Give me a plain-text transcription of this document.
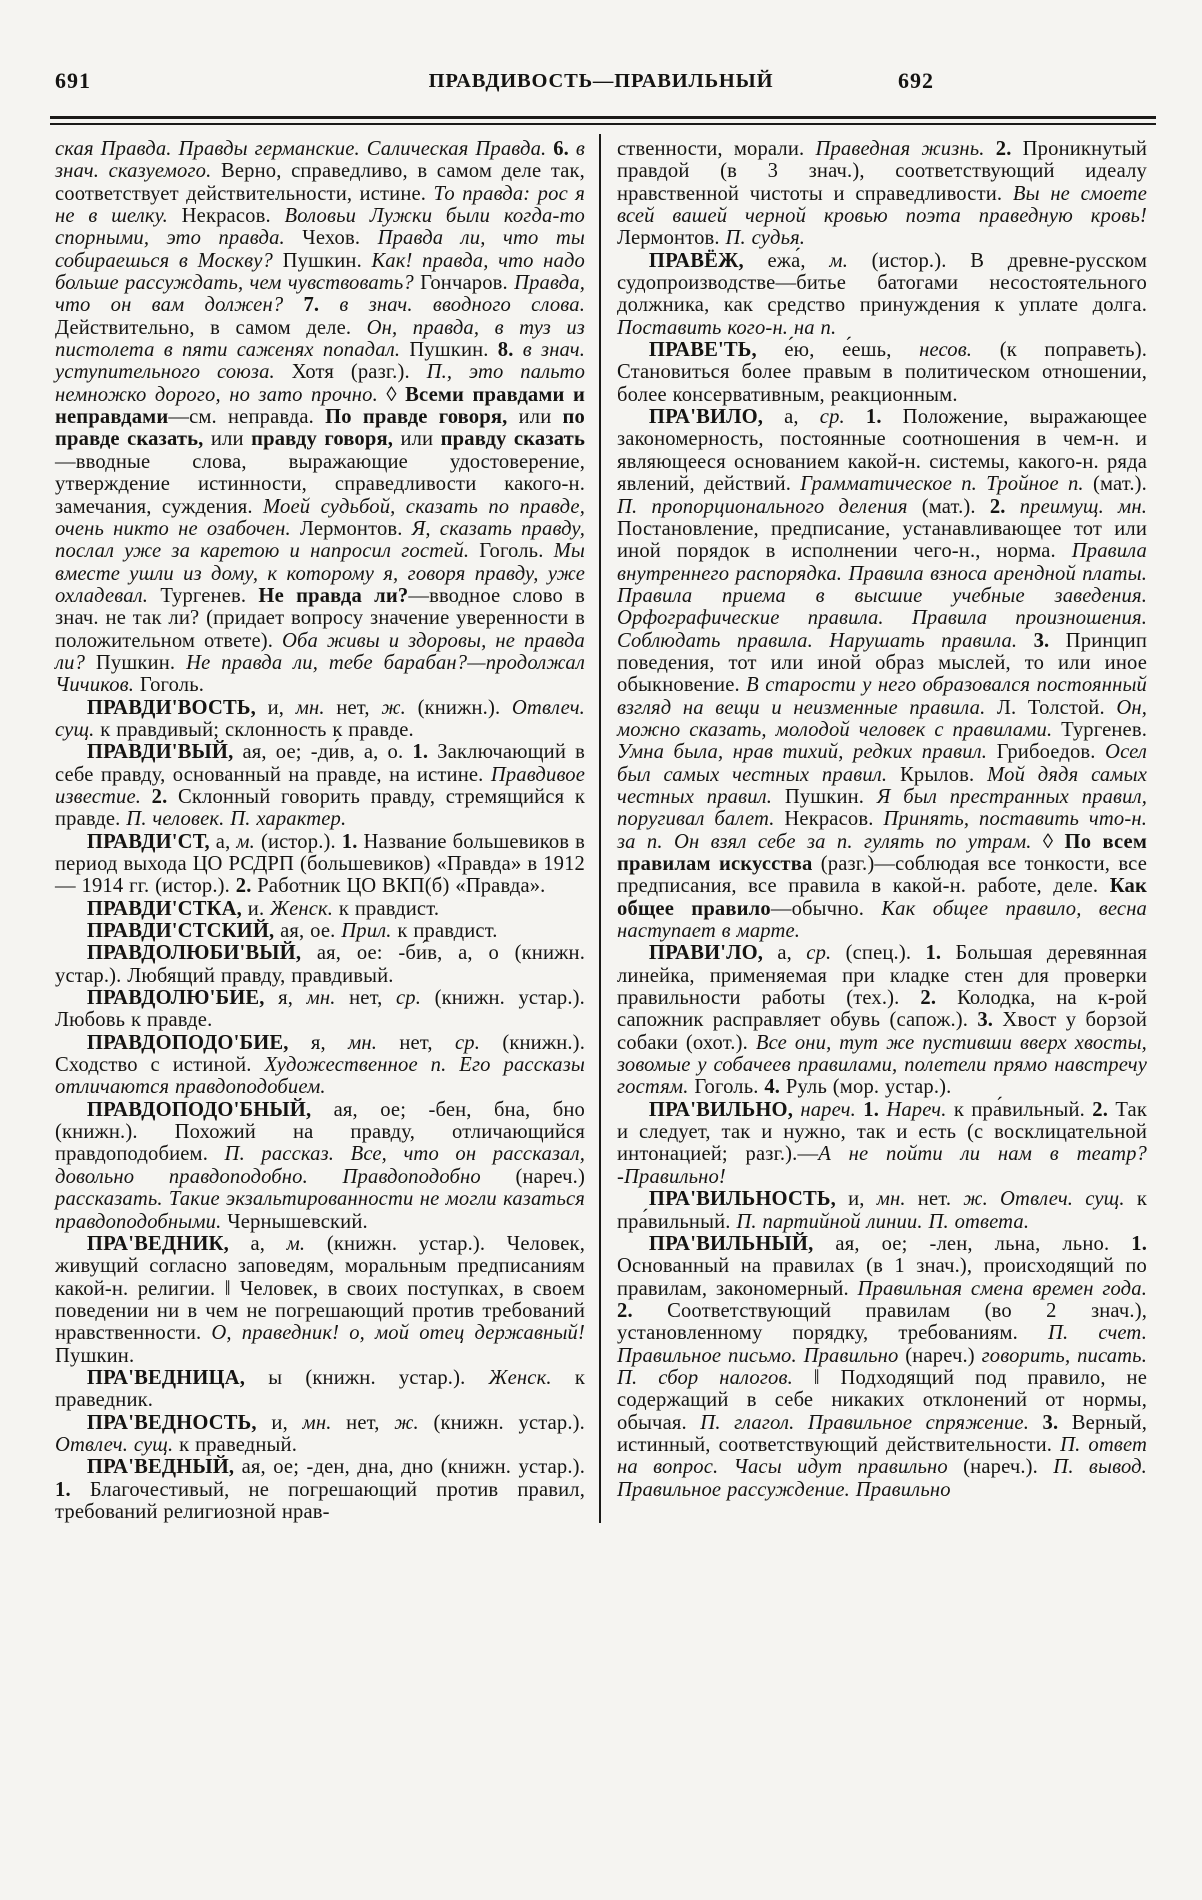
691	ПРАВДИВОСТЬ—ПРАВИЛЬНЫЙ	692

ская Правда. Правды германские. Салическая Правда. 6. в знач. сказуемого. Верно, справедливо, в самом деле так, соответствует действительности, истине. То правда: рос я не в шелку. Некрасов. Воловьи Лужки были когда-то спорными, это правда. Чехов. Правда ли, что ты собираешься в Москву? Пушкин. Как! правда, что надо больше рассуждать, чем чувствовать? Гончаров. Правда, что он вам должен? 7. в знач. вводного слова. Действительно, в самом деле. Он, правда, в туз из пистолета в пяти саженях попадал. Пушкин. 8. в знач. уступительного союза. Хотя (разг.). П., это пальто немножко дорого, но зато прочно. ◊ Всеми правдами и неправдами—см. неправда. По правде говоря, или по правде сказать, или правду говоря, или правду сказать—вводные слова, выражающие удостоверение, утверждение истинности, справедливости какого-н. замечания, суждения. Моей судьбой, сказать по правде, очень никто не озабочен. Лермонтов. Я, сказать правду, послал уже за каретою и напросил гостей. Гоголь. Мы вместе ушли из дому, к которому я, говоря правду, уже охладевал. Тургенев. Не правда ли?—вводное слово в знач. не так ли? (придает вопросу значение уверенности в положительном ответе). Оба живы и здоровы, не правда ли? Пушкин. Не правда ли, тебе барабан?—продолжал Чичиков. Гоголь.

ПРАВДИ'ВОСТЬ, и, мн. нет, ж. (книжн.). Отвлеч. сущ. к правдивый; склонность к правде.

ПРАВДИ'ВЫЙ, ая, ое; -ди́в, а, о. 1. Заключающий в себе правду, основанный на правде, на истине. Правдивое известие. 2. Склонный говорить правду, стремящийся к правде. П. человек. П. характер.

ПРАВДИ'СТ, а, м. (истор.). 1. Название большевиков в период выхода ЦО РСДРП (большевиков) «Правда» в 1912 — 1914 гг. (истор.). 2. Работник ЦО ВКП(б) «Правда».

ПРАВДИ'СТКА, и. Женск. к правдист.

ПРАВДИ'СТСКИЙ, ая, ое. Прил. к правдист.

ПРАВДОЛЮБИ'ВЫЙ, ая, ое: -би́в, а, о (книжн. устар.). Любящий правду, правдивый.

ПРАВДОЛЮ'БИЕ, я, мн. нет, ср. (книжн. устар.). Любовь к правде.

ПРАВДОПОДО'БИЕ, я, мн. нет, ср. (книжн.). Сходство с истиной. Художественное п. Его рассказы отличаются правдоподобием.

ПРАВДОПОДО'БНЫЙ, ая, ое; -бен, бна, бно (книжн.). Похожий на правду, отличающийся правдоподобием. П. рассказ. Все, что он рассказал, довольно правдоподобно. Правдоподобно (нареч.) рассказать. Такие экзальтированности не могли казаться правдоподобными. Чернышевский.

ПРА'ВЕДНИК, а, м. (книжн. устар.). Человек, живущий согласно заповедям, моральным предписаниям какой-н. религии. ‖ Человек, в своих поступках, в своем поведении ни в чем не погрешающий против требований нравственности. О, праведник! о, мой отец державный! Пушкин.

ПРА'ВЕДНИЦА, ы (книжн. устар.). Женск. к праведник.

ПРА'ВЕДНОСТЬ, и, мн. нет, ж. (книжн. устар.). Отвлеч. сущ. к праведный.

ПРА'ВЕДНЫЙ, ая, ое; -ден, дна, дно (книжн. устар.). 1. Благочестивый, не погрешающий против правил, требований религиозной нрав-

ственности, морали. Праведная жизнь. 2. Проникнутый правдой (в 3 знач.), соответствующий идеалу нравственной чистоты и справедливости. Вы не смоете всей вашей черной кровью поэта праведную кровь! Лермонтов. П. судья.

ПРАВЁЖ, ежа́, м. (истор.). В древне-русском судопроизводстве—битье батогами несостоятельного должника, как средство принуждения к уплате долга. Поставить кого-н. на п.

ПРАВЕ'ТЬ, е́ю, е́ешь, несов. (к поправеть). Становиться более правым в политическом отношении, более консервативным, реакционным.

ПРА'ВИЛО, а, ср. 1. Положение, выражающее закономерность, постоянные соотношения в чем-н. и являющееся основанием какой-н. системы, какого-н. ряда явлений, действий. Грамматическое п. Тройное п. (мат.). П. пропорционального деления (мат.). 2. преимущ. мн. Постановление, предписание, устанавливающее тот или иной порядок в исполнении чего-н., норма. Правила внутреннего распорядка. Правила взноса арендной платы. Правила приема в высшие учебные заведения. Орфографические правила. Правила произношения. Соблюдать правила. Нарушать правила. 3. Принцип поведения, тот или иной образ мыслей, то или иное обыкновение. В старости у него образовался постоянный взгляд на вещи и неизменные правила. Л. Толстой. Он, можно сказать, молодой человек с правилами. Тургенев. Умна была, нрав тихий, редких правил. Грибоедов. Осел был самых честных правил. Крылов. Мой дядя самых честных правил. Пушкин. Я был престранных правил, поругивал балет. Некрасов. Принять, поставить что-н. за п. Он взял себе за п. гулять по утрам. ◊ По всем правилам искусства (разг.)—соблюдая все тонкости, все предписания, все правила в какой-н. работе, деле. Как общее правило—обычно. Как общее правило, весна наступает в марте.

ПРАВИ'ЛО, а, ср. (спец.). 1. Большая деревянная линейка, применяемая при кладке стен для проверки правильности работы (тех.). 2. Колодка, на к-рой сапожник расправляет обувь (сапож.). 3. Хвост у борзой собаки (охот.). Все они, тут же пустивши вверх хвосты, зовомые у собачеев правилами, полетели прямо навстречу гостям. Гоголь. 4. Руль (мор. устар.).

ПРА'ВИЛЬНО, нареч. 1. Нареч. к пра́вильный. 2. Так и следует, так и нужно, так и есть (с восклицательной интонацией; разг.).—А не пойти ли нам в театр? -Правильно!

ПРА'ВИЛЬНОСТЬ, и, мн. нет. ж. Отвлеч. сущ. к пра́вильный. П. партийной линии. П. ответа.

ПРА'ВИЛЬНЫЙ, ая, ое; -лен, льна, льно. 1. Основанный на правилах (в 1 знач.), происходящий по правилам, закономерный. Правильная смена времен года. 2. Соответствующий правилам (во 2 знач.), установленному порядку, требованиям. П. счет. Правильное письмо. Правильно (нареч.) говорить, писать. П. сбор налогов. ‖ Подходящий под правило, не содержащий в себе никаких отклонений от нормы, обычая. П. глагол. Правильное спряжение. 3. Верный, истинный, соответствующий действительности. П. ответ на вопрос. Часы идут правильно (нареч.). П. вывод. Правильное рассуждение. Правильно
